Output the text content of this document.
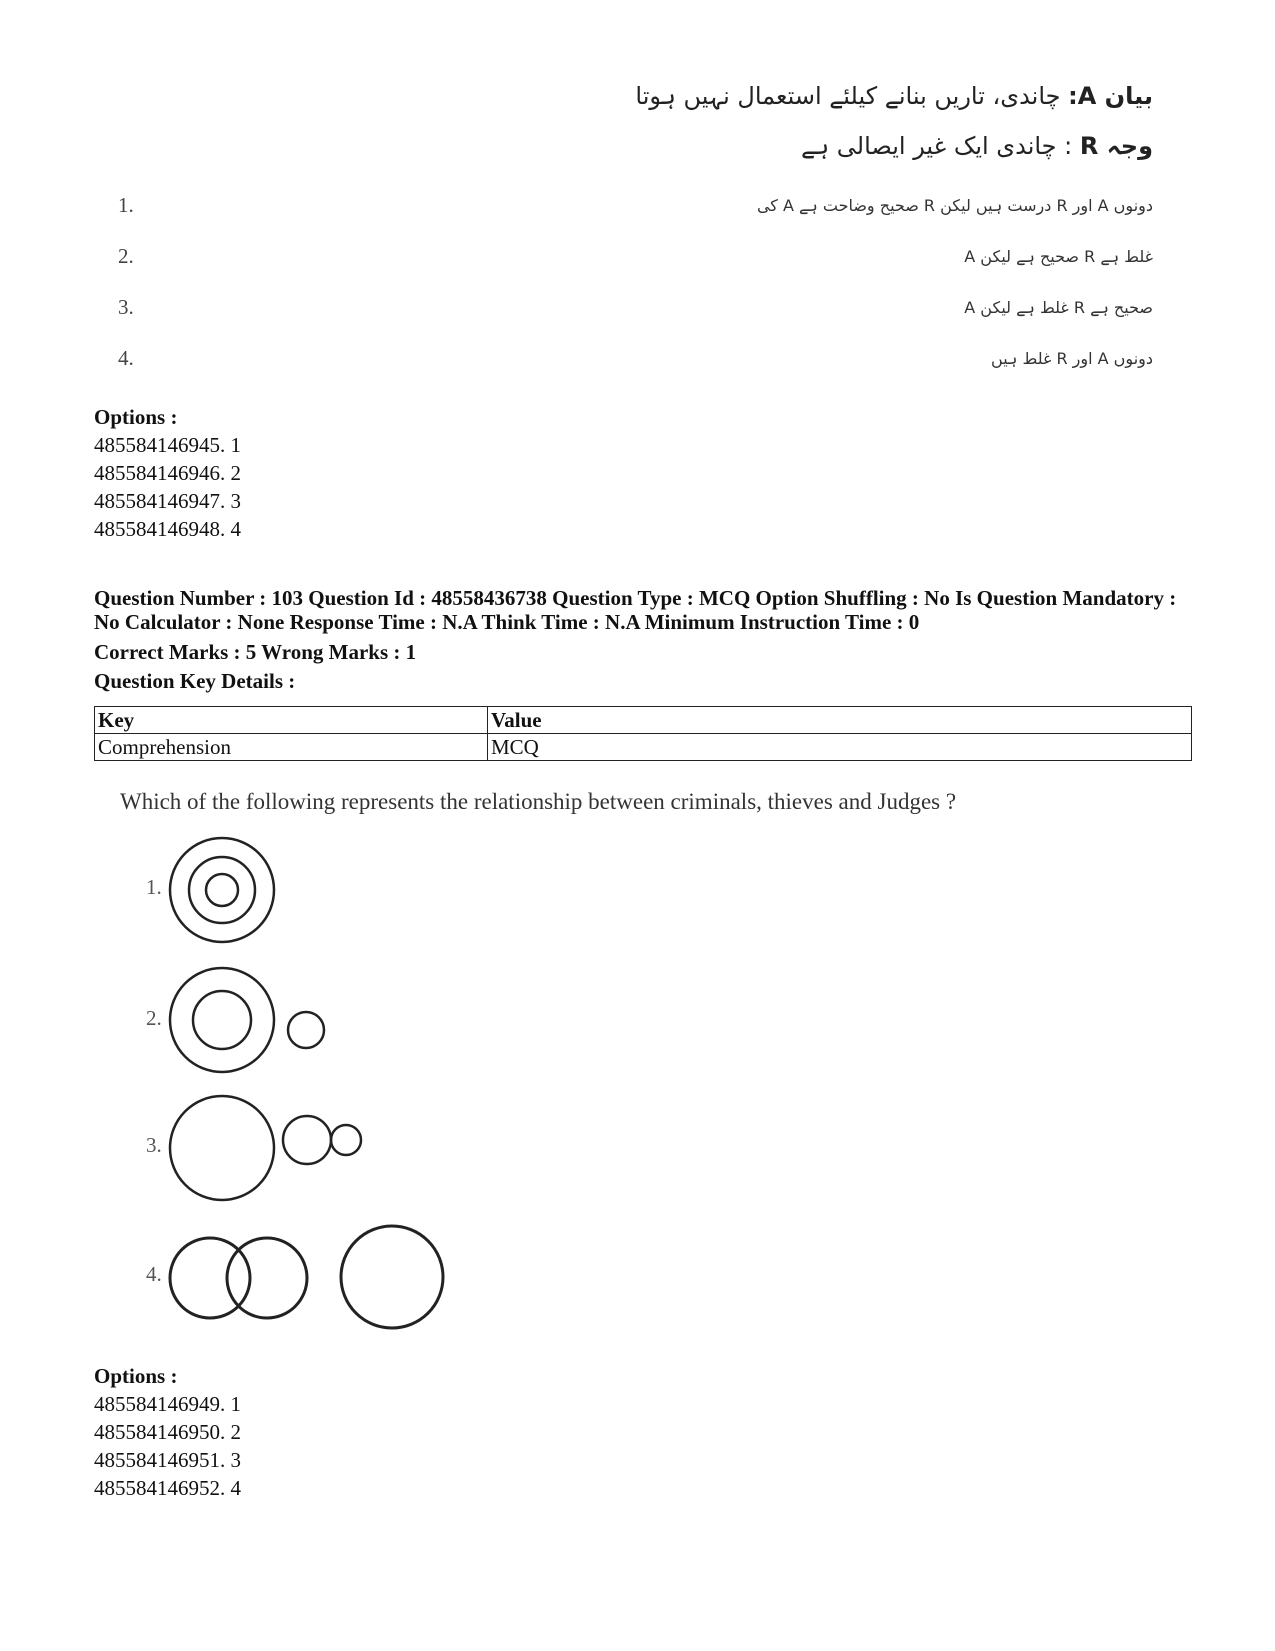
بیان A: چاندی، تاریں بنانے کیلئے استعمال نہیں ہوتا
وجہ R : چاندی ایک غیر ایصالی ہے
1.	دونوں A اور R درست ہیں لیکن R صحیح وضاحت ہے A کی
2.	A صحیح ہے لیکن R غلط ہے
3.	A غلط ہے لیکن R صحیح ہے
4.	دونوں A اور R غلط ہیں
Options :
485584146945. 1
485584146946. 2
485584146947. 3
485584146948. 4
Question Number : 103 Question Id : 48558436738 Question Type : MCQ Option Shuffling : No Is Question Mandatory : No Calculator : None Response Time : N.A Think Time : N.A Minimum Instruction Time : 0
Correct Marks : 5 Wrong Marks : 1
Question Key Details :
Key	Value
Comprehension	MCQ
Which of the following represents the relationship between criminals, thieves and Judges ?
1.
2.
3.
4.
Options :
485584146949. 1
485584146950. 2
485584146951. 3
485584146952. 4
